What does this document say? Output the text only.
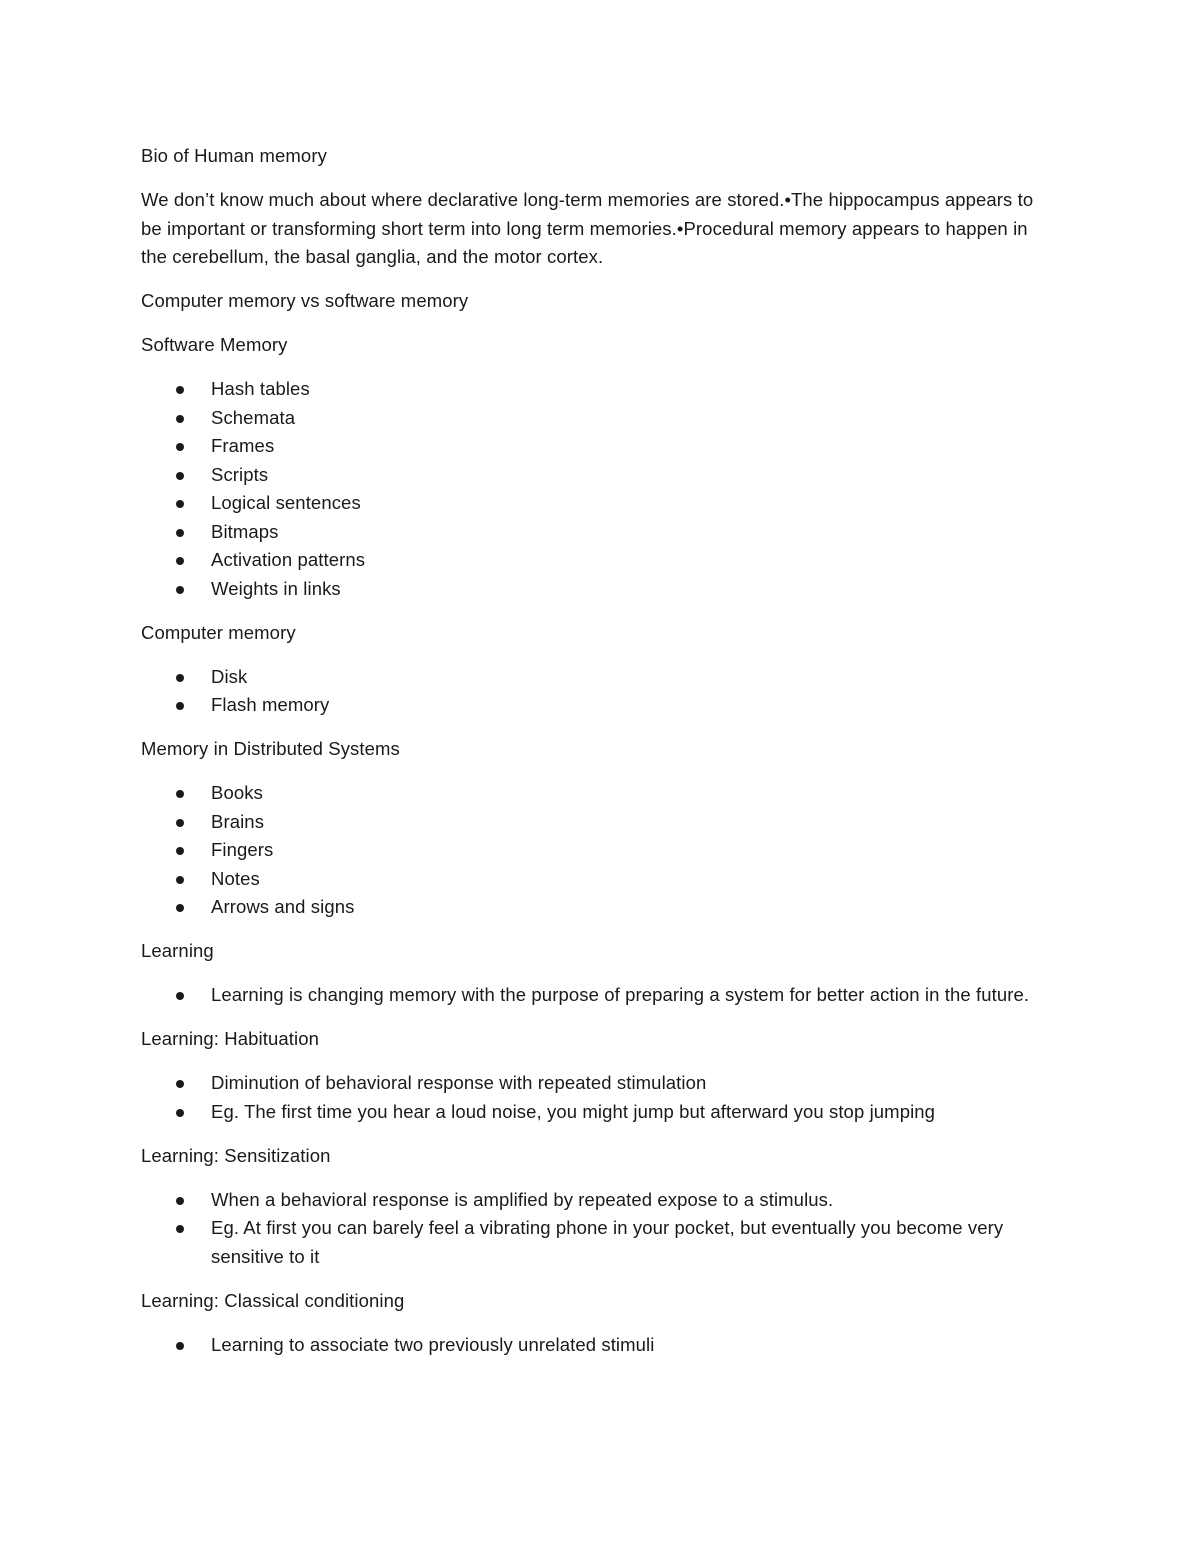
Bio of Human memory

We don’t know much about where declarative long-term memories are stored.•The hippocampus appears to be important or transforming short term into long term memories.•Procedural memory appears to happen in the cerebellum, the basal ganglia, and the motor cortex.

Computer memory vs software memory

Software Memory

Hash tables
Schemata
Frames
Scripts
Logical sentences
Bitmaps
Activation patterns
Weights in links

Computer memory

Disk
Flash memory

Memory in Distributed Systems

Books
Brains
Fingers
Notes
Arrows and signs

Learning

Learning is changing memory with the purpose of preparing a system for better action in the future.

Learning: Habituation

Diminution of behavioral response with repeated stimulation
Eg. The first time you hear a loud noise, you might jump but afterward you stop jumping

Learning: Sensitization

When a behavioral response is amplified by repeated expose to a stimulus.
Eg. At first you can barely feel a vibrating phone in your pocket, but eventually you become very sensitive to it

Learning: Classical conditioning

Learning to associate two previously unrelated stimuli
